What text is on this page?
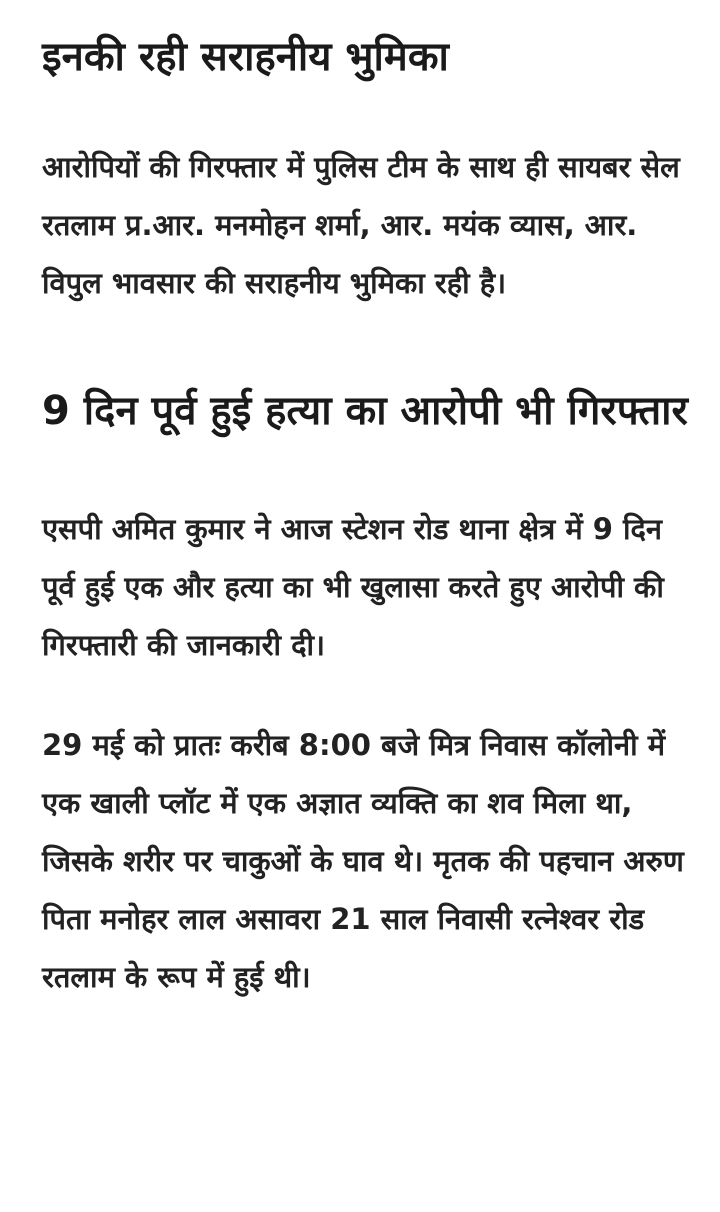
इनकी रही सराहनीय भुमिका

आरोपियों की गिरफ्तार में पुलिस टीम के साथ ही सायबर सेल रतलाम प्र.आर. मनमोहन शर्मा, आर. मयंक व्यास, आर. विपुल भावसार की सराहनीय भुमिका रही है।

9 दिन पूर्व हुई हत्या का आरोपी भी गिरफ्तार

एसपी अमित कुमार ने आज स्टेशन रोड थाना क्षेत्र में 9 दिन पूर्व हुई एक और हत्या का भी खुलासा करते हुए आरोपी की गिरफ्तारी की जानकारी दी।

29 मई को प्रातः करीब 8:00 बजे मित्र निवास कॉलोनी में एक खाली प्लॉट में एक अज्ञात व्यक्ति का शव मिला था, जिसके शरीर पर चाकुओं के घाव थे। मृतक की पहचान अरुण पिता मनोहर लाल असावरा 21 साल निवासी रत्नेश्वर रोड रतलाम के रूप में हुई थी।
